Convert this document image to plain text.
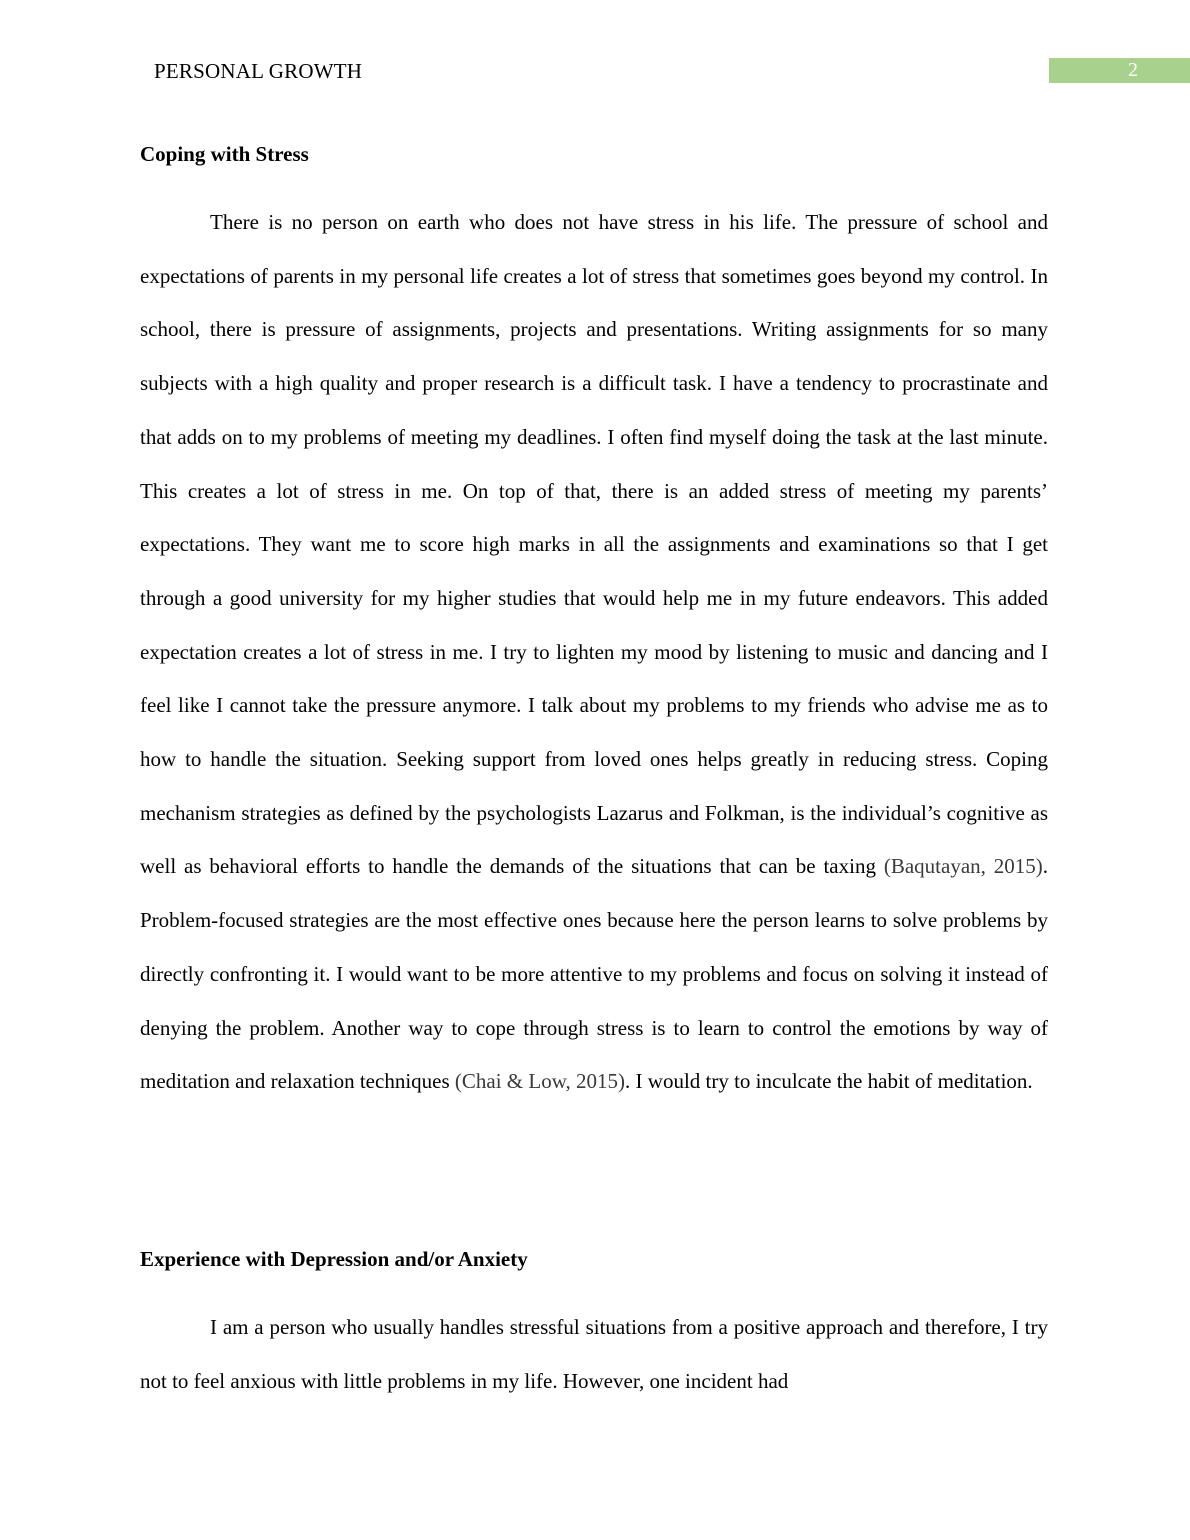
PERSONAL GROWTH	2
Coping with Stress

There is no person on earth who does not have stress in his life. The pressure of school and expectations of parents in my personal life creates a lot of stress that sometimes goes beyond my control. In school, there is pressure of assignments, projects and presentations. Writing assignments for so many subjects with a high quality and proper research is a difficult task. I have a tendency to procrastinate and that adds on to my problems of meeting my deadlines. I often find myself doing the task at the last minute. This creates a lot of stress in me. On top of that, there is an added stress of meeting my parents’ expectations. They want me to score high marks in all the assignments and examinations so that I get through a good university for my higher studies that would help me in my future endeavors. This added expectation creates a lot of stress in me. I try to lighten my mood by listening to music and dancing and I feel like I cannot take the pressure anymore. I talk about my problems to my friends who advise me as to how to handle the situation. Seeking support from loved ones helps greatly in reducing stress. Coping mechanism strategies as defined by the psychologists Lazarus and Folkman, is the individual’s cognitive as well as behavioral efforts to handle the demands of the situations that can be taxing (Baqutayan, 2015). Problem-focused strategies are the most effective ones because here the person learns to solve problems by directly confronting it. I would want to be more attentive to my problems and focus on solving it instead of denying the problem. Another way to cope through stress is to learn to control the emotions by way of meditation and relaxation techniques (Chai & Low, 2015). I would try to inculcate the habit of meditation.

Experience with Depression and/or Anxiety

I am a person who usually handles stressful situations from a positive approach and therefore, I try not to feel anxious with little problems in my life. However, one incident had
